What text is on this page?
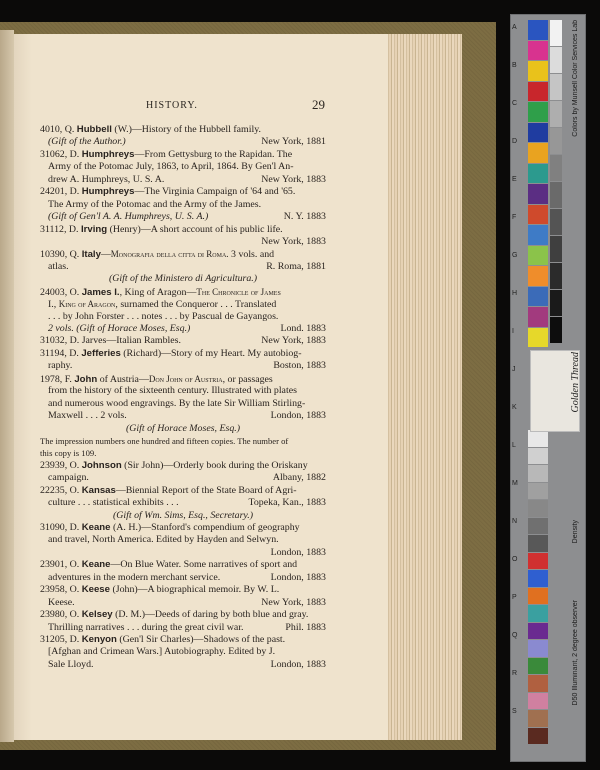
HISTORY.	29
4010, Q. Hubbell (W.)—History of the Hubbell family.
(Gift of the Author.)	New York, 1881
31062, D. Humphreys—From Gettysburg to the Rapidan. The
Army of the Potomac July, 1863, to April, 1864. By Gen'l An-
drew A. Humphreys, U. S. A.	New York, 1883
24201, D. Humphreys—The Virginia Campaign of '64 and '65.
The Army of the Potomac and the Army of the James.
(Gift of Gen'l A. A. Humphreys, U. S. A.)	N. Y. 1883
31112, D. Irving (Henry)—A short account of his public life.
New York, 1883
10390, Q. Italy—Monografia della citta di Roma. 3 vols. and
atlas.	R. Roma, 1881
(Gift of the Ministero di Agricultura.)
24003, O. James I., King of Aragon—The Chronicle of James
I., King of Aragon, surnamed the Conqueror . . . Translated
. . . by John Forster . . . notes . . . by Pascual de Gayangos.
2 vols. (Gift of Horace Moses, Esq.)	Lond. 1883
31032, D. Jarves—Italian Rambles.	New York, 1883
31194, D. Jefferies (Richard)—Story of my Heart. My autobiog-
raphy.	Boston, 1883
1978, F. John of Austria—Don John of Austria, or passages
from the history of the sixteenth century. Illustrated with plates
and numerous wood engravings. By the late Sir William Stirling-
Maxwell . . . 2 vols.	London, 1883
(Gift of Horace Moses, Esq.)
The impression numbers one hundred and fifteen copies. The number of
this copy is 109.
23939, O. Johnson (Sir John)—Orderly book during the Oriskany
campaign.	Albany, 1882
22235, O. Kansas—Biennial Report of the State Board of Agri-
culture . . . statistical exhibits . . .	Topeka, Kan., 1883
(Gift of Wm. Sims, Esq., Secretary.)
31090, D. Keane (A. H.)—Stanford's compendium of geography
and travel, North America. Edited by Hayden and Selwyn.
London, 1883
23901, O. Keane—On Blue Water. Some narratives of sport and
adventures in the modern merchant service.	London, 1883
23958, O. Keese (John)—A biographical memoir. By W. L.
Keese.	New York, 1883
23980, O. Kelsey (D. M.)—Deeds of daring by both blue and gray.
Thrilling narratives . . . during the great civil war.	Phil. 1883
31205, D. Kenyon (Gen'l Sir Charles)—Shadows of the past.
[Afghan and Crimean Wars.] Autobiography. Edited by J.
Sale Lloyd.	London, 1883
A
B
C
D
E
F
G
H
I
J
K
L
M
N
O
P
Q
R
S
Golden Thread
Colors by Munsell Color Services Lab
Density
D50 Illuminant, 2 degree observer
